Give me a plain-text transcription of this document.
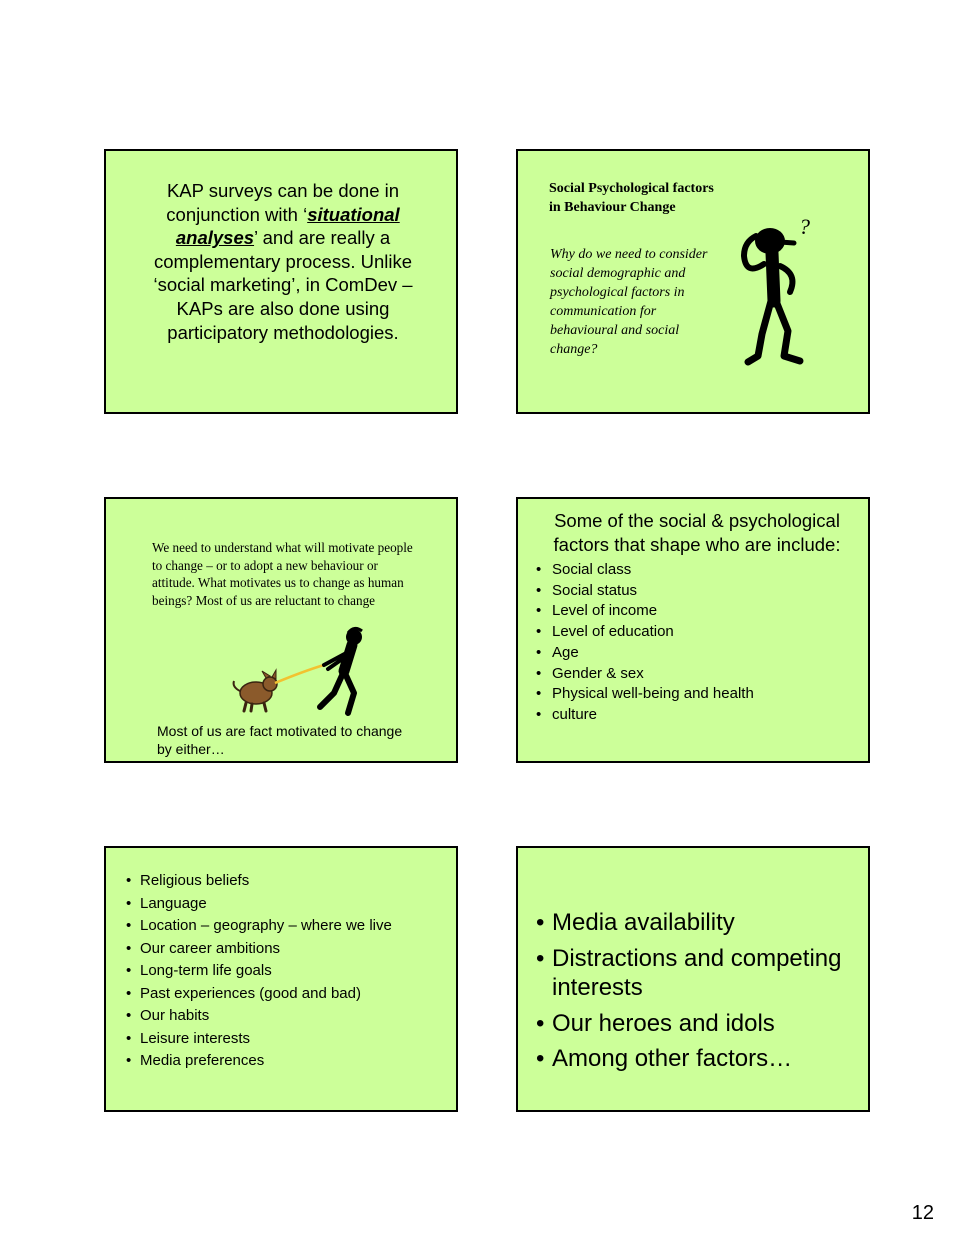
KAP surveys can be done in
conjunction with ‘situational
analyses’ and are really a
complementary process. Unlike
‘social marketing’, in ComDev –
KAPs are also done using
participatory methodologies.
Social Psychological factors in Behaviour Change
Why do we need to consider social demographic and psychological factors in communication for behavioural and social change?
?
We need to understand what will motivate people to change – or to adopt a new behaviour or attitude. What motivates us to change as human beings? Most of us are reluctant to change
Most of us are fact motivated to change by either…
Some of the social & psychological factors that shape who are include:
• Social class
• Social status
• Level of income
• Level of education
• Age
• Gender & sex
• Physical well-being and health
• culture
• Religious beliefs
• Language
• Location – geography – where we live
• Our career ambitions
• Long-term life goals
• Past experiences (good and bad)
• Our habits
• Leisure interests
• Media preferences
• Media availability
• Distractions and competing interests
• Our heroes and idols
• Among other factors…
12
